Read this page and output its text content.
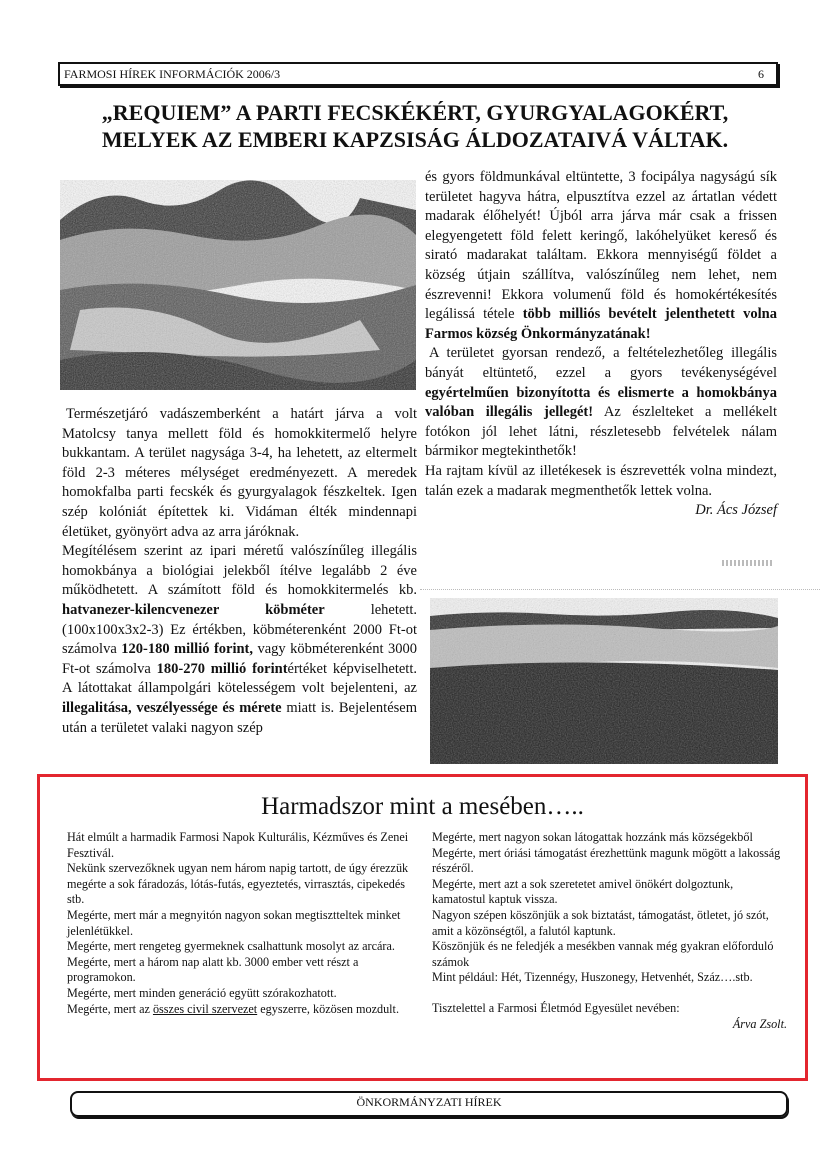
FARMOSI HÍREK INFORMÁCIÓK 2006/3	6
„REQUIEM” A PARTI FECSKÉKÉRT, GYURGYALAGOKÉRT,
MELYEK AZ EMBERI KAPZSISÁG ÁLDOZATAIVÁ VÁLTAK.

Természetjáró vadászemberként a határt járva a volt Matolcsy tanya mellett föld és homokkitermelő helyre bukkantam. A terület nagysága 3-4, ha lehetett, az eltermelt föld 2-3 méteres mélységet eredményezett. A meredek homokfalba parti fecskék és gyurgyalagok fészkeltek. Igen szép kolóniát építettek ki. Vidáman élték mindennapi életüket, gyönyört adva az arra járóknak.

Megítélésem szerint az ipari méretű valószínűleg illegális homokbánya a biológiai jelekből ítélve legalább 2 éve működhetett. A számított föld és homokkitermelés kb. hatvanezer-kilencvenezer köbméter lehetett. (100x100x3x2-3) Ez értékben, köbméterenként 2000 Ft-ot számolva 120-180 millió forint, vagy köbméterenként 3000 Ft-ot számolva 180-270 millió forintértéket képviselhetett. A látottakat állampolgári kötelességem volt bejelenteni, az illegalitása, veszélyessége és mérete miatt is. Bejelentésem után a területet valaki nagyon szép

és gyors földmunkával eltüntette, 3 focipálya nagyságú sík területet hagyva hátra, elpusztítva ezzel az ártatlan védett madarak élőhelyét! Újból arra járva már csak a frissen elegyengetett föld felett keringő, lakóhelyüket kereső és sirató madarakat találtam. Ekkora mennyiségű földet a község útjain szállítva, valószínűleg nem lehet, nem észrevenni! Ekkora volumenű föld és homokértékesítés legálissá tétele több milliós bevételt jelenthetett volna Farmos község Önkormányzatának!

A területet gyorsan rendező, a feltételezhetőleg illegális bányát eltüntető, ezzel a gyors tevékenységével egyértelműen bizonyította és elismerte a homokbánya valóban illegális jellegét! Az észlelteket a mellékelt fotókon jól lehet látni, részletesebb felvételek nálam bármikor megtekinthetők!

Ha rajtam kívül az illetékesek is észrevették volna mindezt, talán ezek a madarak megmenthetők lettek volna.

Dr. Ács József

Harmadszor mint a mesében…..

Hát elmúlt a harmadik Farmosi Napok Kulturális, Kézműves és Zenei Fesztivál.

Nekünk szervezőknek ugyan nem három napig tartott, de úgy érezzük megérte a sok fáradozás, lótás-futás, egyeztetés, virrasztás, cipekedés stb.

Megérte, mert már a megnyitón nagyon sokan megtisztteltek minket jelenlétükkel.

Megérte, mert rengeteg gyermeknek csalhattunk mosolyt az arcára.

Megérte, mert a három nap alatt kb. 3000 ember vett részt a programokon.

Megérte, mert minden generáció együtt szórakozhatott.

Megérte, mert az összes civil szervezet egyszerre, közösen mozdult.

Megérte, mert nagyon sokan látogattak hozzánk más községekből

Megérte, mert óriási támogatást érezhettünk magunk mögött a lakosság részéről.

Megérte, mert azt a sok szeretetet amivel önökért dolgoztunk, kamatostul kaptuk vissza.

Nagyon szépen köszönjük a sok biztatást, támogatást, ötletet, jó szót, amit a közönségtől, a falutól kaptunk.

Köszönjük és ne feledjék a mesékben vannak még gyakran előforduló számok

Mint például: Hét, Tizennégy, Huszonegy, Hetvenhét, Száz….stb.

Tisztelettel a Farmosi Életmód Egyesület nevében:

Árva Zsolt.

ÖNKORMÁNYZATI HÍREK
